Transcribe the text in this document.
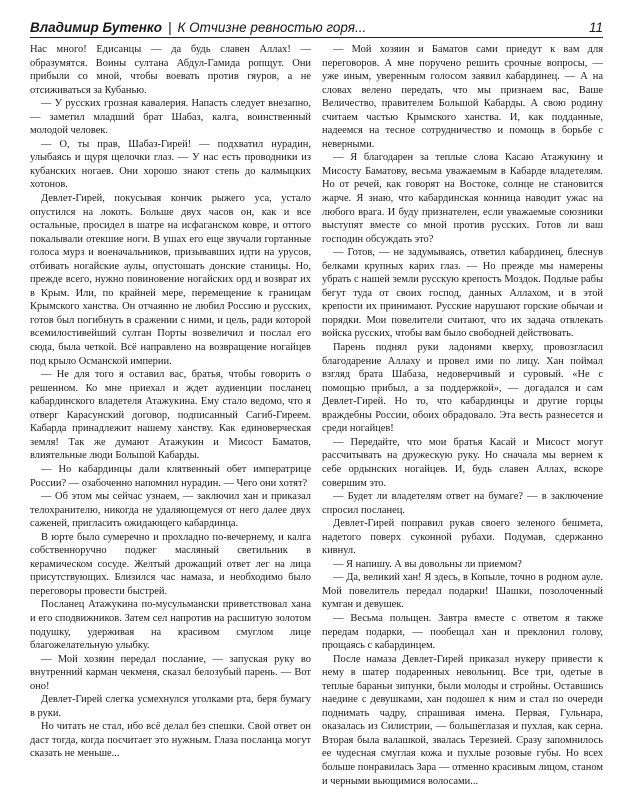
Владимир Бутенко | К Отчизне ревностью горя...	11

Нас много! Едисанцы — да будь славен Аллах! — образумятся. Воины султана Абдул-Гамида ропщут. Они прибыли со мной, чтобы воевать против гяуров, а не отсиживаться за Кубанью.

— У русских грозная кавалерия. Напасть следует внезапно, — заметил младший брат Шабаз, калга, воинственный молодой человек.

— О, ты прав, Шабаз-Гирей! — подхватил нурадин, улыбаясь и щуря щелочки глаз. — У нас есть проводники из кубанских ногаев. Они хорошо знают степь до калмыцких хотонов.

Девлет-Гирей, покусывая кончик рыжего уса, устало опустился на локоть. Больше двух часов он, как и все остальные, просидел в шатре на исфаганском ковре, и оттого покалывали отекшие ноги. В ушах его еще звучали гортанные голоса мурз и военачальников, призывавших идти на урусов, отбивать ногайские аулы, опустошать донские станицы. Но, прежде всего, нужно повиновение ногайских орд и возврат их в Крым. Или, по крайней мере, перемещение к границам Крымского ханства. Он отчаянно не любил Россию и русских, готов был погибнуть в сражении с ними, и цель, ради которой всемилостивейший султан Порты возвеличил и послал его сюда, была четкой. Всё направлено на возвращение ногайцев под крыло Османской империи.

— Не для того я оставил вас, братья, чтобы говорить о решенном. Ко мне приехал и ждет аудиенции посланец кабардинского владетеля Атажукина. Ему стало ведомо, что я отверг Карасунский договор, подписанный Сагиб-Гиреем. Кабарда принадлежит нашему ханству. Как единоверческая земля! Так же думают Атажукин и Мисост Баматов, влиятельные люди Большой Кабарды.

— Но кабардинцы дали клятвенный обет императрице России? — озабоченно напомнил нурадин. — Чего они хотят?

— Об этом мы сейчас узнаем, — заключил хан и приказал телохранителю, никогда не удаляющемуся от него далее двух саженей, пригласить ожидающего кабардинца.

В юрте было сумеречно и прохладно по-вечернему, и калга собственноручно поджег масляный светильник в керамическом сосуде. Желтый дрожащий ответ лег на лица присутствующих. Близился час намаза, и необходимо было переговоры провести быстрей.

Посланец Атажукина по-мусульмански приветствовал хана и его сподвижников. Затем сел напротив на расшитую золотом подушку, удерживая на красивом смуглом лице благожелательную улыбку.

— Мой хозяин передал послание, — запуская руку во внутренний карман чекменя, сказал белозубый парень. — Вот оно!

Девлет-Гирей слегка усмехнулся уголками рта, беря бумагу в руки.

Но читать не стал, ибо всё делал без спешки. Свой ответ он даст тогда, когда посчитает это нужным. Глаза посланца могут сказать не меньше...

— Мой хозяин и Баматов сами приедут к вам для переговоров. А мне поручено решить срочные вопросы, — уже иным, уверенным голосом заявил кабардинец. — А на словах велено передать, что мы признаем вас, Ваше Величество, правителем Большой Кабарды. А свою родину считаем частью Крымского ханства. И, как подданные, надеемся на тесное сотрудничество и помощь в борьбе с неверными.

— Я благодарен за теплые слова Касаю Атажукину и Мисосту Баматову, весьма уважаемым в Кабарде владетелям. Но от речей, как говорят на Востоке, солнце не становится жарче. Я знаю, что кабардинская конница наводит ужас на любого врага. И буду признателен, если уважаемые союзники выступят вместе со мной против русских. Готов ли ваш господин обсуждать это?

— Готов, — не задумываясь, ответил кабардинец, блеснув белками крупных карих глаз. — Но прежде мы намерены убрать с нашей земли русскую крепость Моздок. Подлые рабы бегут туда от своих господ, данных Аллахом, и в этой крепости их принимают. Русские нарушают горские обычаи и порядки. Мои повелители считают, что их задача отвлекать войска русских, чтобы вам было свободней действовать.

Парень поднял руки ладонями кверху, провозгласил благодарение Аллаху и провел ими по лицу. Хан поймал взгляд брата Шабаза, недоверчивый и суровый. «Не с помощью прибыл, а за поддержкой», — догадался и сам Девлет-Гирей. Но то, что кабардинцы и другие горцы враждебны России, обоих обрадовало. Эта весть разнесется и среди ногайцев!

— Передайте, что мои братья Касай и Мисост могут рассчитывать на дружескую руку. Но сначала мы вернем к себе ордынских ногайцев. И, будь славен Аллах, вскоре совершим это.

— Будет ли владетелям ответ на бумаге? — в заключение спросил посланец.

Девлет-Гирей поправил рукав своего зеленого бешмета, надетого поверх суконной рубахи. Подумав, сдержанно кивнул.

— Я напишу. А вы довольны ли приемом?

— Да, великий хан! Я здесь, в Копыле, точно в родном ауле. Мой повелитель передал подарки! Шашки, позолоченный кумган и девушек.

— Весьма польщен. Завтра вместе с ответом я также передам подарки, — пообещал хан и преклонил голову, прощаясь с кабардинцем.

После намаза Девлет-Гирей приказал нукеру привести к нему в шатер подаренных невольниц. Все три, одетые в теплые бараньи зипунки, были молоды и стройны. Оставшись наедине с девушками, хан подошел к ним и стал по очереди поднимать чадру, спрашивая имена. Первая, Гульнара, оказалась из Силистрии, — большеглазая и пухлая, как серна. Вторая была валашкой, звалась Терезией. Сразу запомнилось ее чудесная смуглая кожа и пухлые розовые губы. Но всех больше понравилась Зара — отменно красивым лицом, станом и черными вьющимися волосами...
